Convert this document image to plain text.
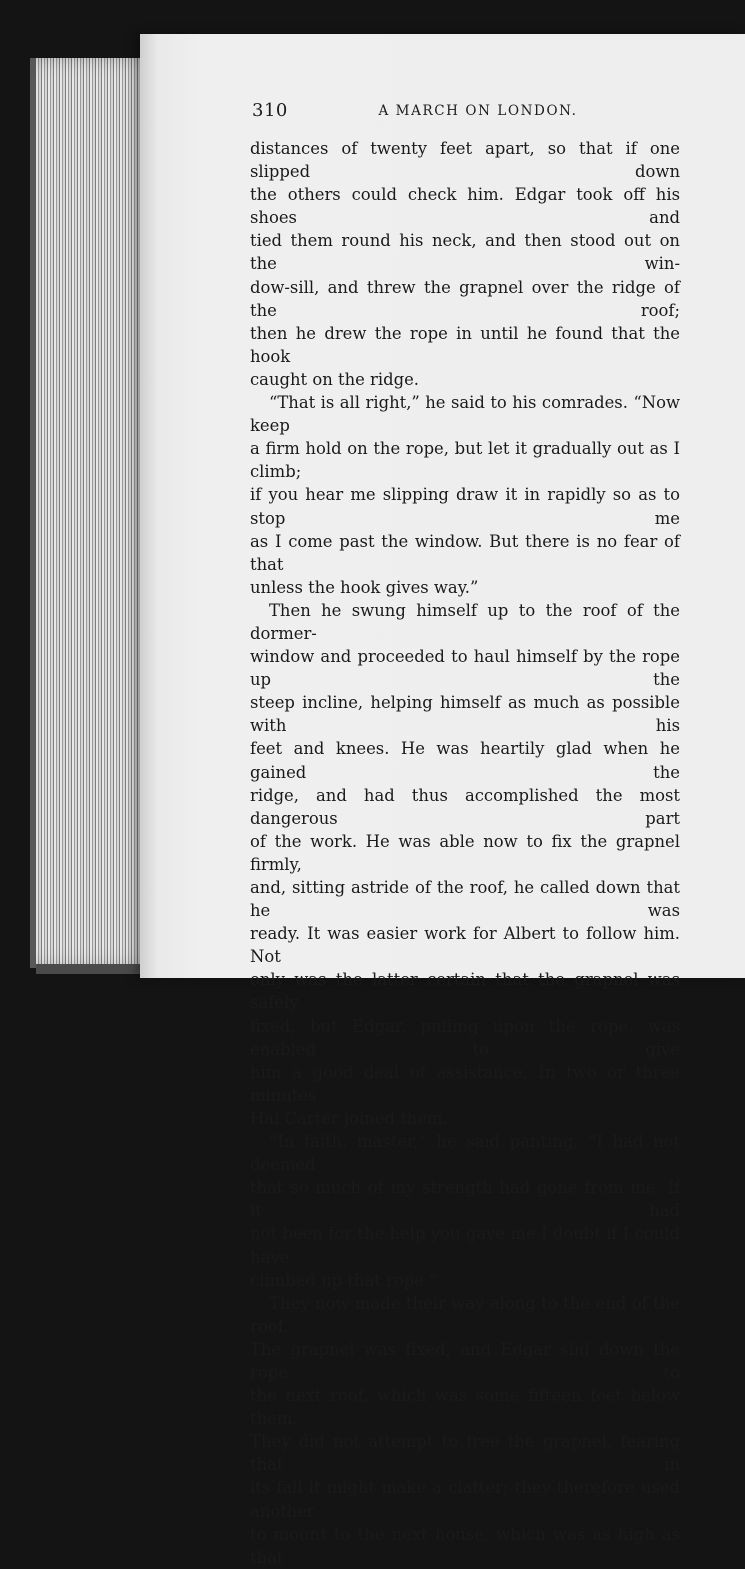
310	A MARCH ON LONDON.

distances of twenty feet apart, so that if one slipped down

the others could check him. Edgar took off his shoes and

tied them round his neck, and then stood out on the win-

dow-sill, and threw the grapnel over the ridge of the roof;

then he drew the rope in until he found that the hook

caught on the ridge.

“That is all right,” he said to his comrades. “Now keep

a firm hold on the rope, but let it gradually out as I climb;

if you hear me slipping draw it in rapidly so as to stop me

as I come past the window. But there is no fear of that

unless the hook gives way.”

Then he swung himself up to the roof of the dormer-

window and proceeded to haul himself by the rope up the

steep incline, helping himself as much as possible with his

feet and knees. He was heartily glad when he gained the

ridge, and had thus accomplished the most dangerous part

of the work. He was able now to fix the grapnel firmly,

and, sitting astride of the roof, he called down that he was

ready. It was easier work for Albert to follow him. Not

only was the latter certain that the grapnel was safely

fixed, but Edgar, pulling upon the rope, was enabled to give

him a good deal of assistance. In two or three minutes

Hal Carter joined them.

“In faith, master,” he said panting, “I had not deemed

that so much of my strength had gone from me. If it had

not been for the help you gave me I doubt if I could have

climbed up that rope.”

They now made their way along to the end of the roof.

The grapnel was fixed, and Edgar slid down the rope to

the next roof, which was some fifteen feet below them.

They did not attempt to free the grapnel, fearing that in

its fall it might make a clatter; they therefore used another

to mount to the next house, which was as high as that
